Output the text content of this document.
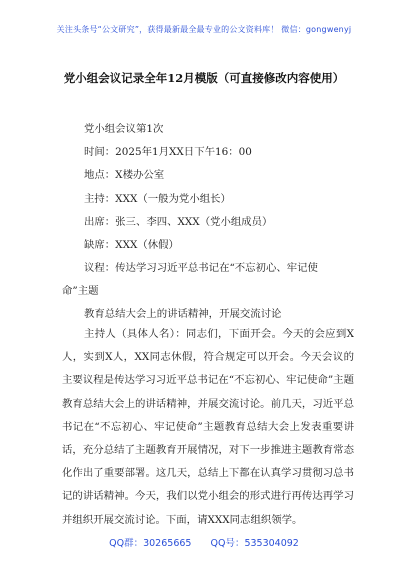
关注头条号“公文研究”，获得最新最全最专业的公文资料库！ 微信：gongwenyj
党小组会议记录全年12月模版（可直接修改内容使用）
党小组会议第1次
时间：2025年1月XX日下午16：00
地点：X楼办公室
主持：XXX（一般为党小组长）
出席：张三、李四、XXX（党小组成员）
缺席：XXX（休假）
议程：传达学习习近平总书记在“不忘初心、牢记使
命”主题
教育总结大会上的讲话精神，开展交流讨论
主持人（具体人名）：同志们，下面开会。今天的会应到X人，实到X人，XX同志休假，符合规定可以开会。今天会议的主要议程是传达学习习近平总书记在“不忘初心、牢记使命”主题教育总结大会上的讲话精神，并展交流讨论。前几天，习近平总书记在“不忘初心、牢记使命”主题教育总结大会上发表重要讲话，充分总结了主题教育开展情况，对下一步推进主题教育常态化作出了重要部署。这几天，总结上下都在认真学习贯彻习总书记的讲话精神。今天，我们以党小组会的形式进行再传达再学习并组织开展交流讨论。下面，请XXX同志组织领学。
QQ群：30265665 QQ号：535304092
